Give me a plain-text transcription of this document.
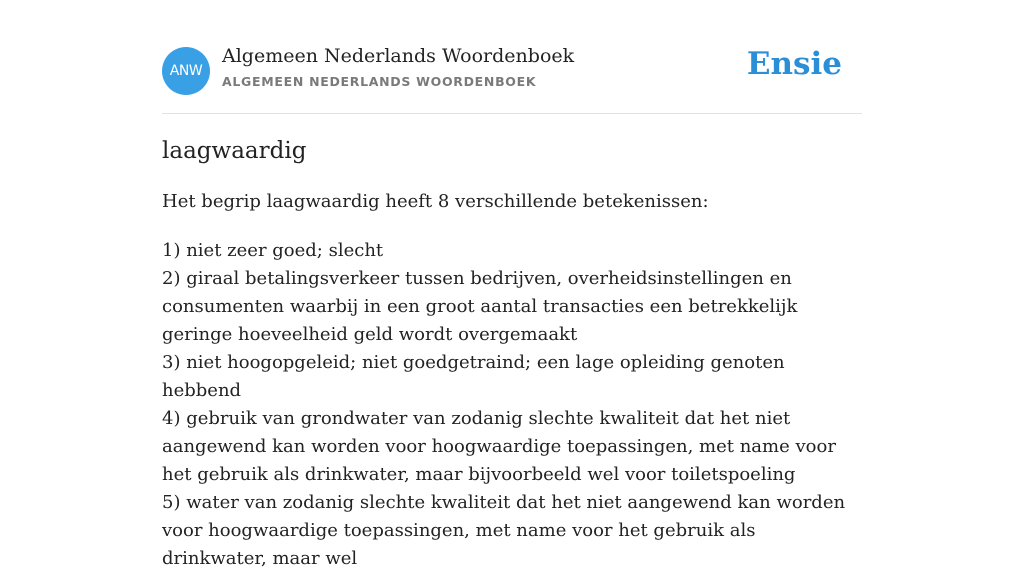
ANW
Algemeen Nederlands Woordenboek
ALGEMEEN NEDERLANDS WOORDENBOEK	Ensie
laagwaardig
Het begrip laagwaardig heeft 8 verschillende betekenissen:
1) niet zeer goed; slecht
2) giraal betalingsverkeer tussen bedrijven, overheidsinstellingen en consumenten waarbij in een groot aantal transacties een betrekkelijk geringe hoeveelheid geld wordt overgemaakt
3) niet hoogopgeleid; niet goedgetraind; een lage opleiding genoten hebbend
4) gebruik van grondwater van zodanig slechte kwaliteit dat het niet aangewend kan worden voor hoogwaardige toepassingen, met name voor het gebruik als drinkwater, maar bijvoorbeeld wel voor toiletspoeling
5) water van zodanig slechte kwaliteit dat het niet aangewend kan worden voor hoogwaardige toepassingen, met name voor het gebruik als drinkwater, maar wel
